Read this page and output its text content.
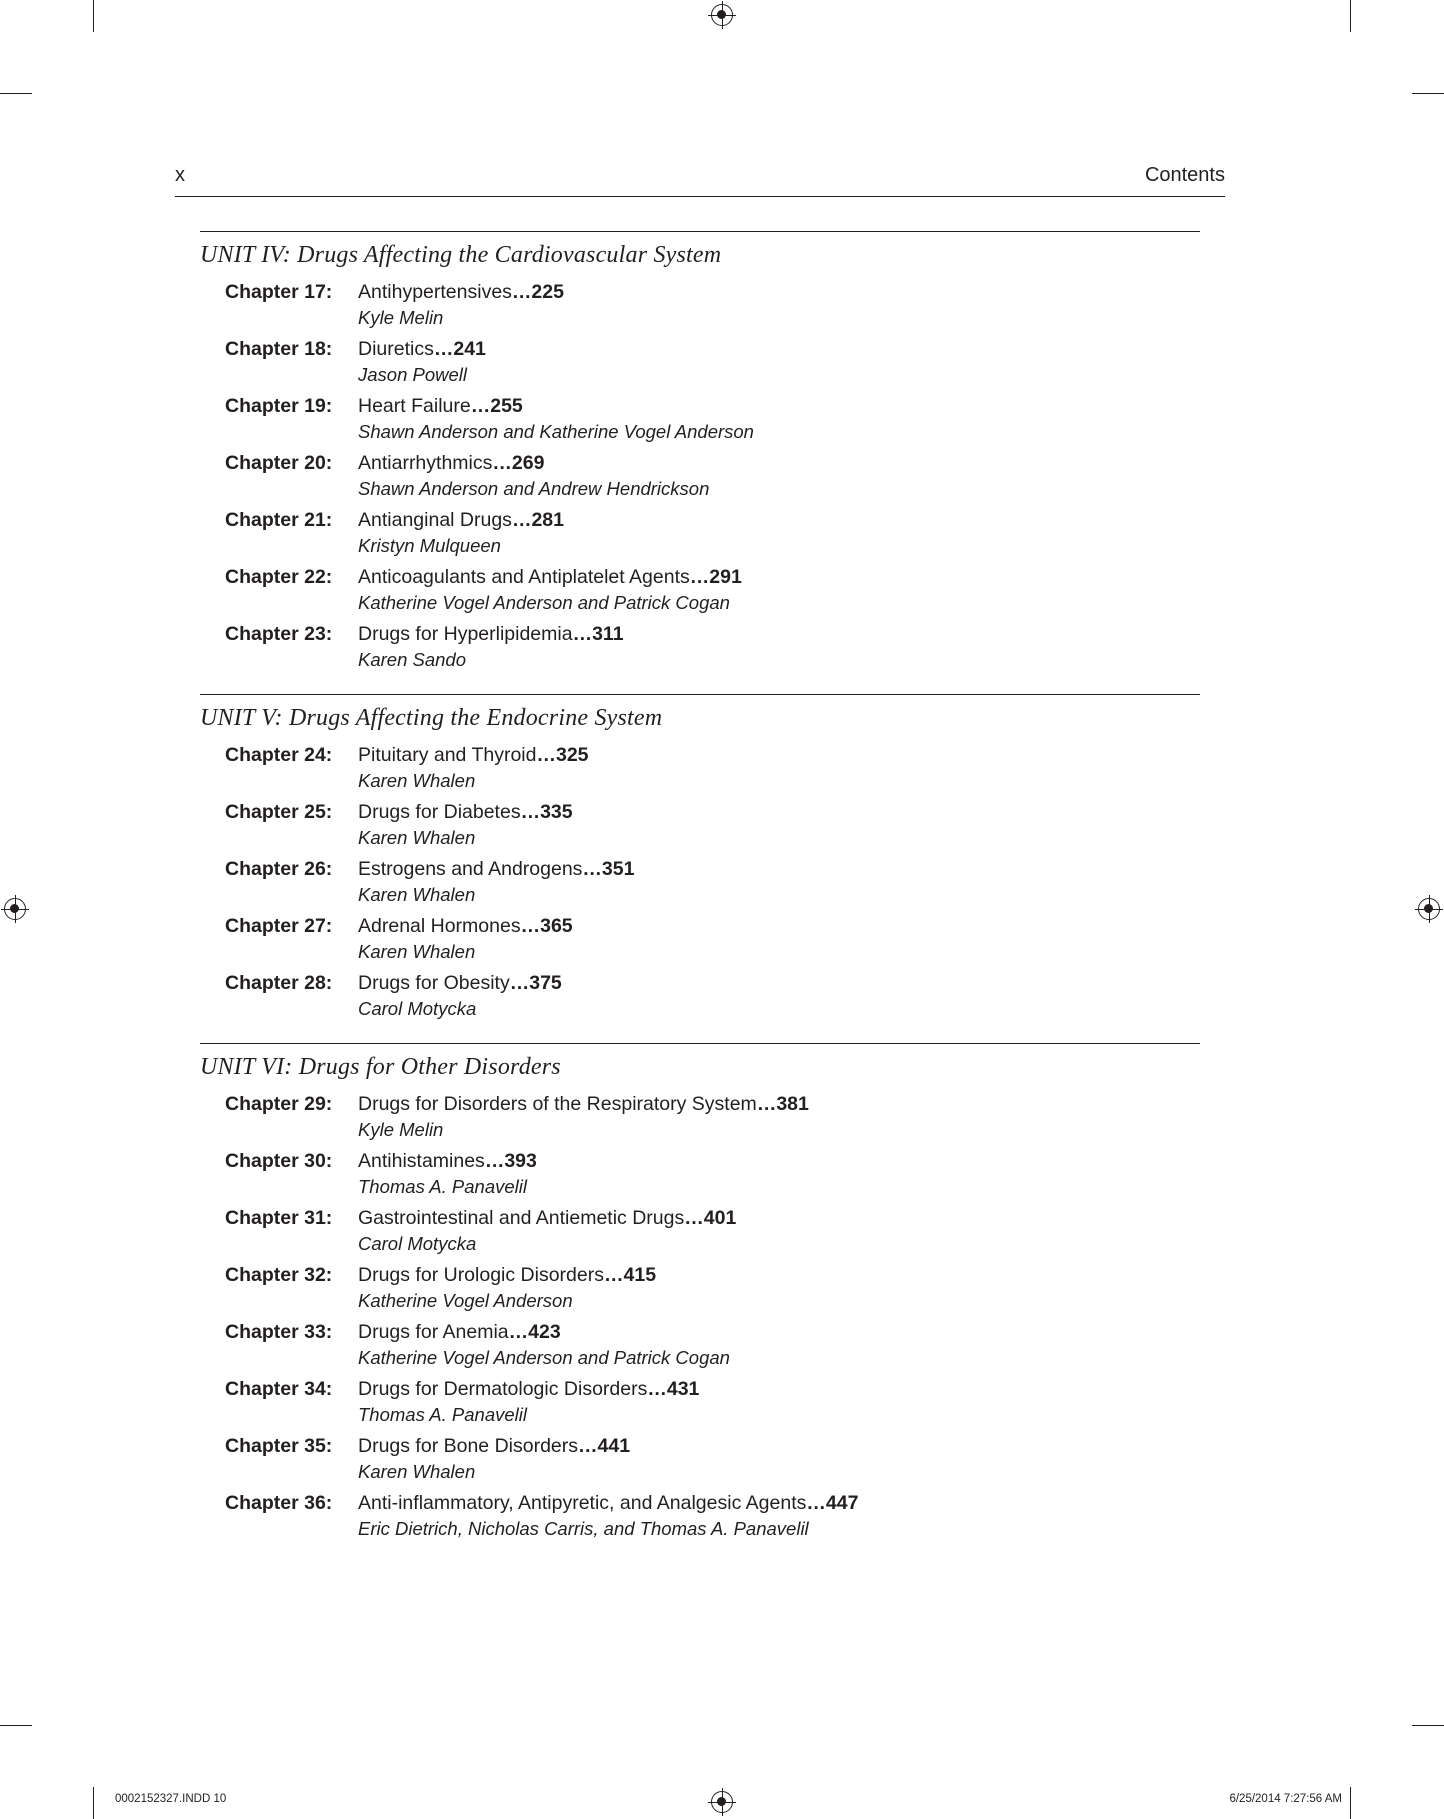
x	Contents
UNIT IV: Drugs Affecting the Cardiovascular System
Chapter 17:	Antihypertensives…225
Kyle Melin
Chapter 18:	Diuretics…241
Jason Powell
Chapter 19:	Heart Failure…255
Shawn Anderson and Katherine Vogel Anderson
Chapter 20:	Antiarrhythmics…269
Shawn Anderson and Andrew Hendrickson
Chapter 21:	Antianginal Drugs…281
Kristyn Mulqueen
Chapter 22:	Anticoagulants and Antiplatelet Agents…291
Katherine Vogel Anderson and Patrick Cogan
Chapter 23:	Drugs for Hyperlipidemia…311
Karen Sando
UNIT V: Drugs Affecting the Endocrine System
Chapter 24:	Pituitary and Thyroid…325
Karen Whalen
Chapter 25:	Drugs for Diabetes…335
Karen Whalen
Chapter 26:	Estrogens and Androgens…351
Karen Whalen
Chapter 27:	Adrenal Hormones…365
Karen Whalen
Chapter 28:	Drugs for Obesity…375
Carol Motycka
UNIT VI: Drugs for Other Disorders
Chapter 29:	Drugs for Disorders of the Respiratory System…381
Kyle Melin
Chapter 30:	Antihistamines…393
Thomas A. Panavelil
Chapter 31:	Gastrointestinal and Antiemetic Drugs…401
Carol Motycka
Chapter 32:	Drugs for Urologic Disorders…415
Katherine Vogel Anderson
Chapter 33:	Drugs for Anemia…423
Katherine Vogel Anderson and Patrick Cogan
Chapter 34:	Drugs for Dermatologic Disorders…431
Thomas A. Panavelil
Chapter 35:	Drugs for Bone Disorders…441
Karen Whalen
Chapter 36:	Anti-inflammatory, Antipyretic, and Analgesic Agents…447
Eric Dietrich, Nicholas Carris, and Thomas A. Panavelil
0002152327.INDD 10	6/25/2014 7:27:56 AM
